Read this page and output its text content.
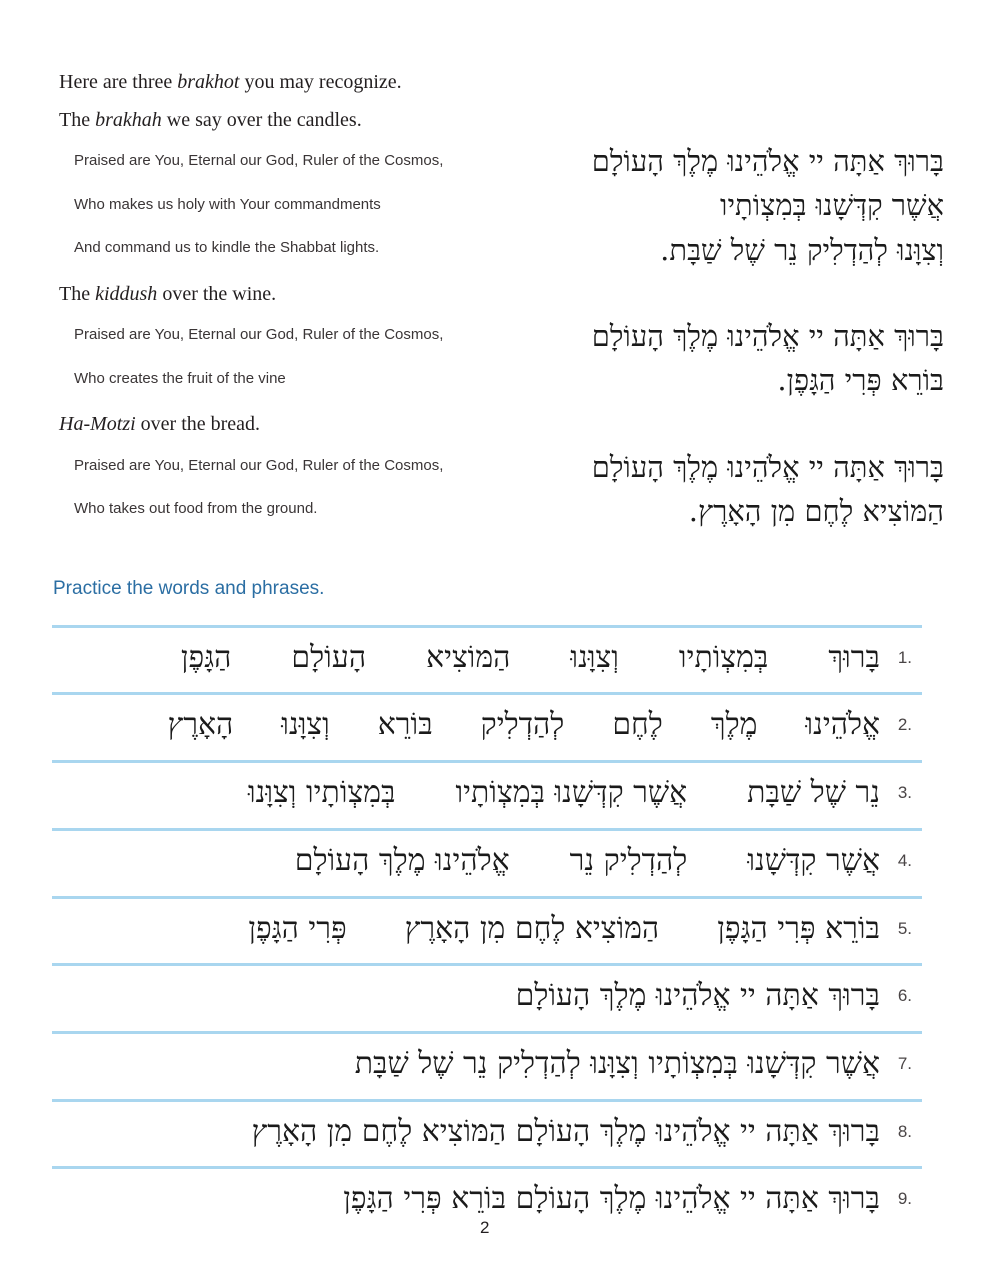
Here are three brakhot you may recognize.
The brakhah we say over the candles.
Praised are You, Eternal our God, Ruler of the Cosmos,	בָּרוּךְ אַתָּה יי אֱלֹהֵינוּ מֶלֶךְ הָעוֹלָם
Who makes us holy with Your commandments	אֲשֶׁר קִדְּשָׁנוּ בְּמִצְוֹתָיו
And command us to kindle the Shabbat lights.	וְצִוָּנוּ לְהַדְלִיק נֵר שֶׁל שַׁבָּת.
The kiddush over the wine.
Praised are You, Eternal our God, Ruler of the Cosmos,	בָּרוּךְ אַתָּה יי אֱלֹהֵינוּ מֶלֶךְ הָעוֹלָם
Who creates the fruit of the vine	בּוֹרֵא פְּרִי הַגָּפֶן.
Ha-Motzi over the bread.
Praised are You, Eternal our God, Ruler of the Cosmos,	בָּרוּךְ אַתָּה יי אֱלֹהֵינוּ מֶלֶךְ הָעוֹלָם
Who takes out food from the ground.	הַמּוֹצִיא לֶחֶם מִן הָאָרֶץ.
Practice the words and phrases.
1.
בָּרוּךְ
בְּמִצְוֹתָיו
וְצִוָּנוּ
הַמּוֹצִיא
הָעוֹלָם
הַגָּפֶן
2.
אֱלֹהֵינוּ
מֶלֶךְ
לֶחֶם
לְהַדְלִיק
בּוֹרֵא
וְצִוָּנוּ
הָאָרֶץ
3.
נֵר שֶׁל שַׁבָּת
אֲשֶׁר קִדְּשָׁנוּ בְּמִצְוֹתָיו
בְּמִצְוֹתָיו וְצִוָּנוּ
4.
אֲשֶׁר קִדְּשָׁנוּ
לְהַדְלִיק נֵר
אֱלֹהֵינוּ מֶלֶךְ הָעוֹלָם
5.
בּוֹרֵא פְּרִי הַגָּפֶן
הַמּוֹצִיא לֶחֶם מִן הָאָרֶץ
פְּרִי הַגָּפֶן
6.
בָּרוּךְ אַתָּה יי אֱלֹהֵינוּ מֶלֶךְ הָעוֹלָם
7.
אֲשֶׁר קִדְּשָׁנוּ בְּמִצְוֹתָיו וְצִוָּנוּ לְהַדְלִיק נֵר שֶׁל שַׁבָּת
8.
בָּרוּךְ אַתָּה יי אֱלֹהֵינוּ מֶלֶךְ הָעוֹלָם הַמּוֹצִיא לֶחֶם מִן הָאָרֶץ
9.
בָּרוּךְ אַתָּה יי אֱלֹהֵינוּ מֶלֶךְ הָעוֹלָם בּוֹרֵא פְּרִי הַגָּפֶן
2
